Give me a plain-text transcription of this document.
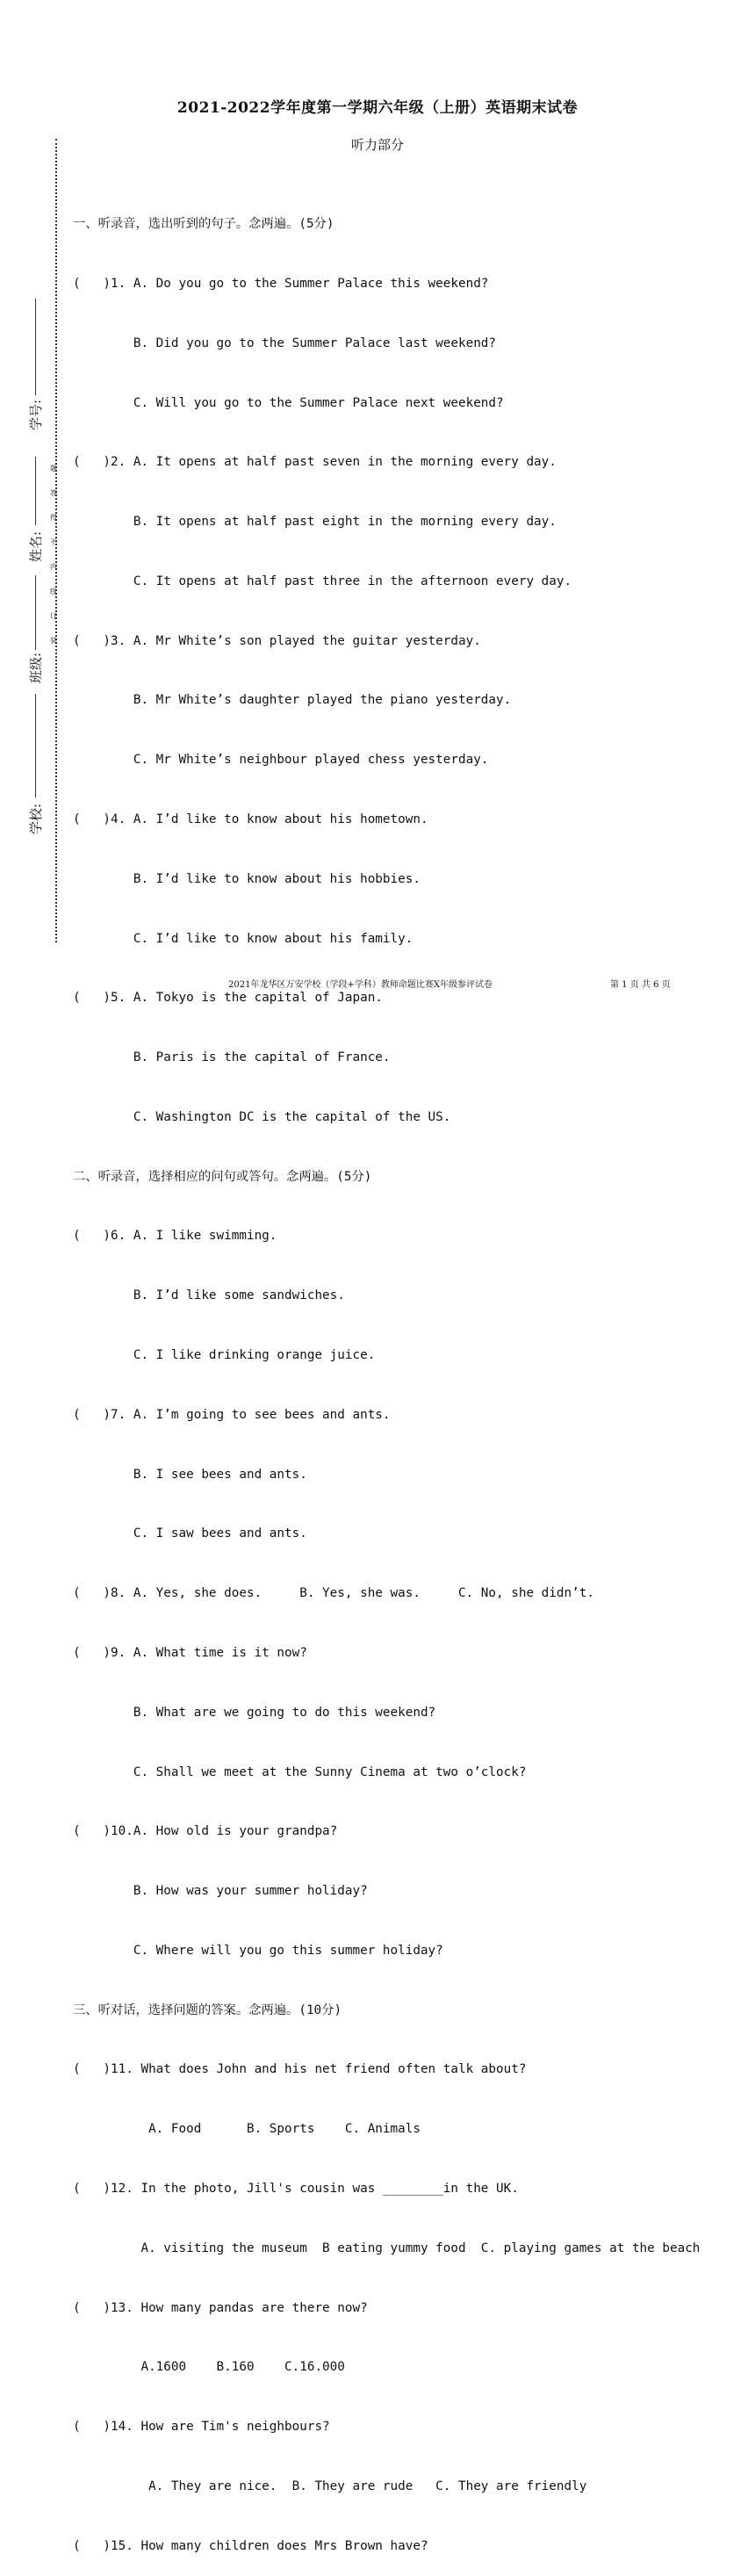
2021-2022学年度第一学期六年级（上册）英语期末试卷
听力部分
学号:
姓名:
班级:
学校:
题
答
得
不
内
线
订
装

一、听录音，选出听到的句子。念两遍。(5分)

(   )1. A. Do you go to the Summer Palace this weekend?

B. Did you go to the Summer Palace last weekend?

C. Will you go to the Summer Palace next weekend?

(   )2. A. It opens at half past seven in the morning every day.

B. It opens at half past eight in the morning every day.

C. It opens at half past three in the afternoon every day.

(   )3. A. Mr White’s son played the guitar yesterday.

B. Mr White’s daughter played the piano yesterday.

C. Mr White’s neighbour played chess yesterday.

(   )4. A. I’d like to know about his hometown.

B. I’d like to know about his hobbies.

C. I’d like to know about his family.

(   )5. A. Tokyo is the capital of Japan.

B. Paris is the capital of France.

C. Washington DC is the capital of the US.

二、听录音，选择相应的问句或答句。念两遍。(5分)

(   )6. A. I like swimming.

B. I’d like some sandwiches.

C. I like drinking orange juice.

(   )7. A. I’m going to see bees and ants.

B. I see bees and ants.

C. I saw bees and ants.

(   )8. A. Yes, she does.     B. Yes, she was.     C. No, she didn’t.

(   )9. A. What time is it now?

B. What are we going to do this weekend?

C. Shall we meet at the Sunny Cinema at two o’clock?

(   )10.A. How old is your grandpa?

B. How was your summer holiday?

C. Where will you go this summer holiday?

三、听对话，选择问题的答案。念两遍。(10分)

(   )11. What does John and his net friend often talk about?

A. Food      B. Sports    C. Animals

(   )12. In the photo, Jill's cousin was ________in the UK.

A. visiting the museum  B eating yummy food  C. playing games at the beach

(   )13. How many pandas are there now?

A.1600    B.160    C.16.000

(   )14. How are Tim's neighbours?

A. They are nice.  B. They are rude   C. They are friendly

(   )15. How many children does Mrs Brown have?

2021年龙华区万安学校（学段+学科）教师命题比赛X年级参评试卷	第 1 页 共 6 页
